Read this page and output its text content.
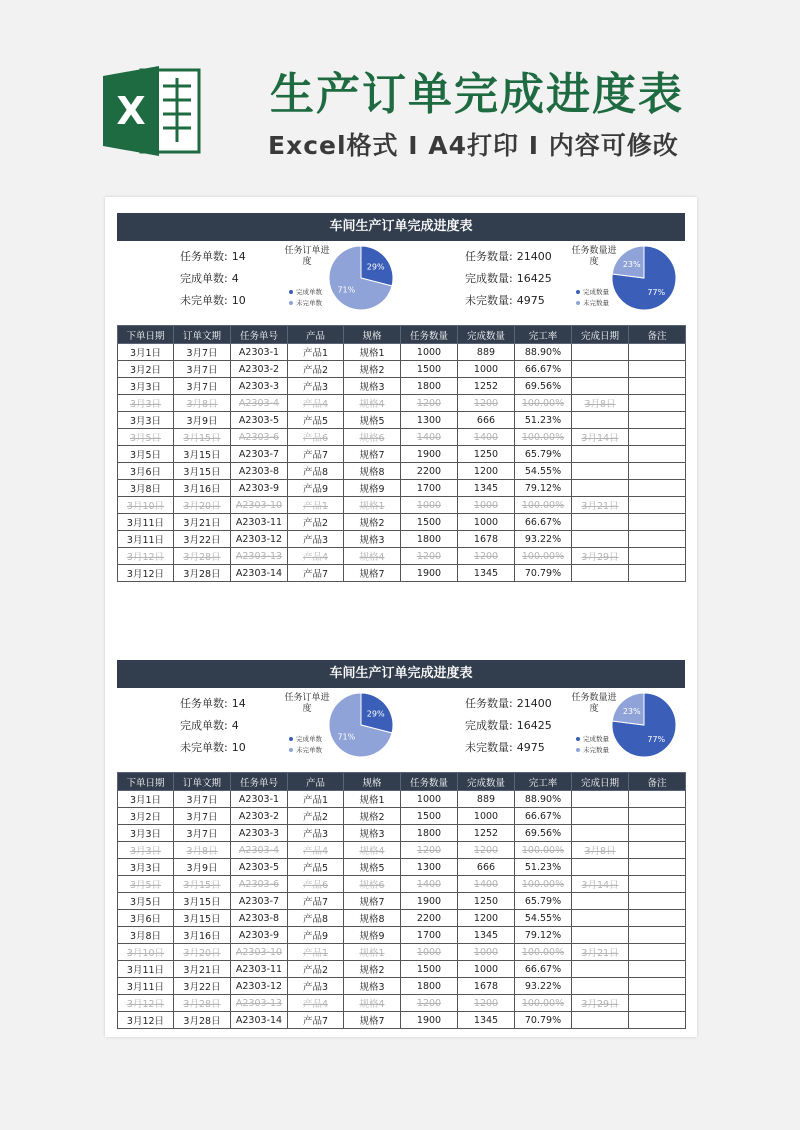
X	生产订单完成进度表
Excel格式 I A4打印 I 内容可修改
车间生产订单完成进度表
任务单数: 14
完成单数: 4
未完单数: 10
任务订单进度
29%
71%
完成单数
未完单数
任务数量: 21400
完成数量: 16425
未完数量: 4975
任务数量进度
77%
23%
完成数量
未完数量
下单日期	订单文期	任务单号	产品	规格	任务数量	完成数量	完工率	完成日期	备注
3月1日	3月7日	A2303-1	产品1	规格1	1000	889	88.90%		
3月2日	3月7日	A2303-2	产品2	规格2	1500	1000	66.67%		
3月3日	3月7日	A2303-3	产品3	规格3	1800	1252	69.56%		
3月3日	3月8日	A2303-4	产品4	规格4	1200	1200	100.00%	3月8日	
3月3日	3月9日	A2303-5	产品5	规格5	1300	666	51.23%		
3月5日	3月15日	A2303-6	产品6	规格6	1400	1400	100.00%	3月14日	
3月5日	3月15日	A2303-7	产品7	规格7	1900	1250	65.79%		
3月6日	3月15日	A2303-8	产品8	规格8	2200	1200	54.55%		
3月8日	3月16日	A2303-9	产品9	规格9	1700	1345	79.12%		
3月10日	3月20日	A2303-10	产品1	规格1	1000	1000	100.00%	3月21日	
3月11日	3月21日	A2303-11	产品2	规格2	1500	1000	66.67%		
3月11日	3月22日	A2303-12	产品3	规格3	1800	1678	93.22%		
3月12日	3月28日	A2303-13	产品4	规格4	1200	1200	100.00%	3月29日	
3月12日	3月28日	A2303-14	产品7	规格7	1900	1345	70.79%		
车间生产订单完成进度表
任务单数: 14
完成单数: 4
未完单数: 10
任务订单进度
29%
71%
完成单数
未完单数
任务数量: 21400
完成数量: 16425
未完数量: 4975
任务数量进度
77%
23%
完成数量
未完数量
下单日期	订单文期	任务单号	产品	规格	任务数量	完成数量	完工率	完成日期	备注
3月1日	3月7日	A2303-1	产品1	规格1	1000	889	88.90%		
3月2日	3月7日	A2303-2	产品2	规格2	1500	1000	66.67%		
3月3日	3月7日	A2303-3	产品3	规格3	1800	1252	69.56%		
3月3日	3月8日	A2303-4	产品4	规格4	1200	1200	100.00%	3月8日	
3月3日	3月9日	A2303-5	产品5	规格5	1300	666	51.23%		
3月5日	3月15日	A2303-6	产品6	规格6	1400	1400	100.00%	3月14日	
3月5日	3月15日	A2303-7	产品7	规格7	1900	1250	65.79%		
3月6日	3月15日	A2303-8	产品8	规格8	2200	1200	54.55%		
3月8日	3月16日	A2303-9	产品9	规格9	1700	1345	79.12%		
3月10日	3月20日	A2303-10	产品1	规格1	1000	1000	100.00%	3月21日	
3月11日	3月21日	A2303-11	产品2	规格2	1500	1000	66.67%		
3月11日	3月22日	A2303-12	产品3	规格3	1800	1678	93.22%		
3月12日	3月28日	A2303-13	产品4	规格4	1200	1200	100.00%	3月29日	
3月12日	3月28日	A2303-14	产品7	规格7	1900	1345	70.79%		
